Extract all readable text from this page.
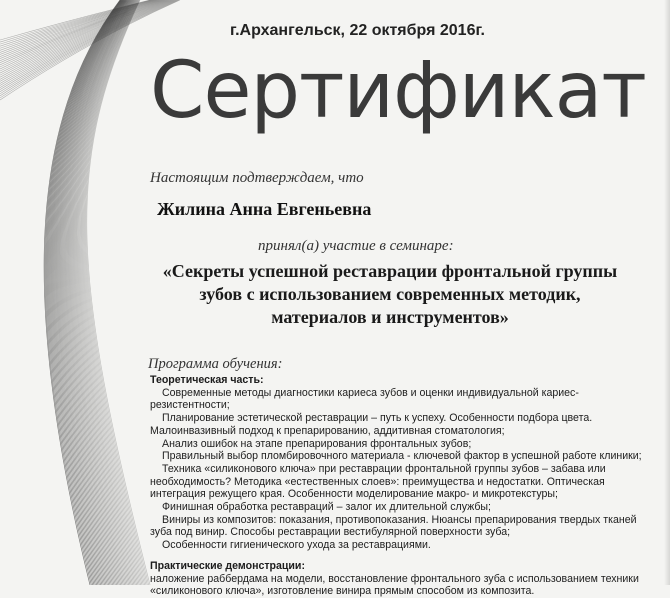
г.Архангельск, 22 октября 2016г.
Сертификат
Настоящим подтверждаем, что
Жилина Анна Евгеньевна
принял(а) участие в семинаре:
«Секреты успешной реставрации фронтальной группы
зубов с использованием современных методик,
материалов и инструментов»
Программа обучения:
Теоретическая часть:
Современные методы диагностики кариеса зубов и оценки индивидуальной кариес-
резистентности;
Планирование эстетической реставрации – путь к успеху. Особенности подбора цвета.
Малоинвазивный подход к препарированию, аддитивная стоматология;
Анализ ошибок на этапе препарирования фронтальных зубов;
Правильный выбор пломбировочного материала - ключевой фактор в успешной работе клиники;
Техника «силиконового ключа» при реставрации фронтальной группы зубов – забава или
необходимость? Методика «естественных слоев»: преимущества и недостатки. Оптическая
интеграция режущего края. Особенности моделирование макро- и микротекстуры;
Финишная обработка реставраций – залог их длительной службы;
Виниры из композитов: показания, противопоказания. Нюансы препарирования твердых тканей
зуба под винир. Способы реставрации вестибулярной поверхности зуба;
Особенности гигиенического ухода за реставрациями.
Практические демонстрации:
наложение раббердама на модели, восстановление фронтального зуба с использованием техники
«силиконового ключа», изготовление винира прямым способом из композита.
